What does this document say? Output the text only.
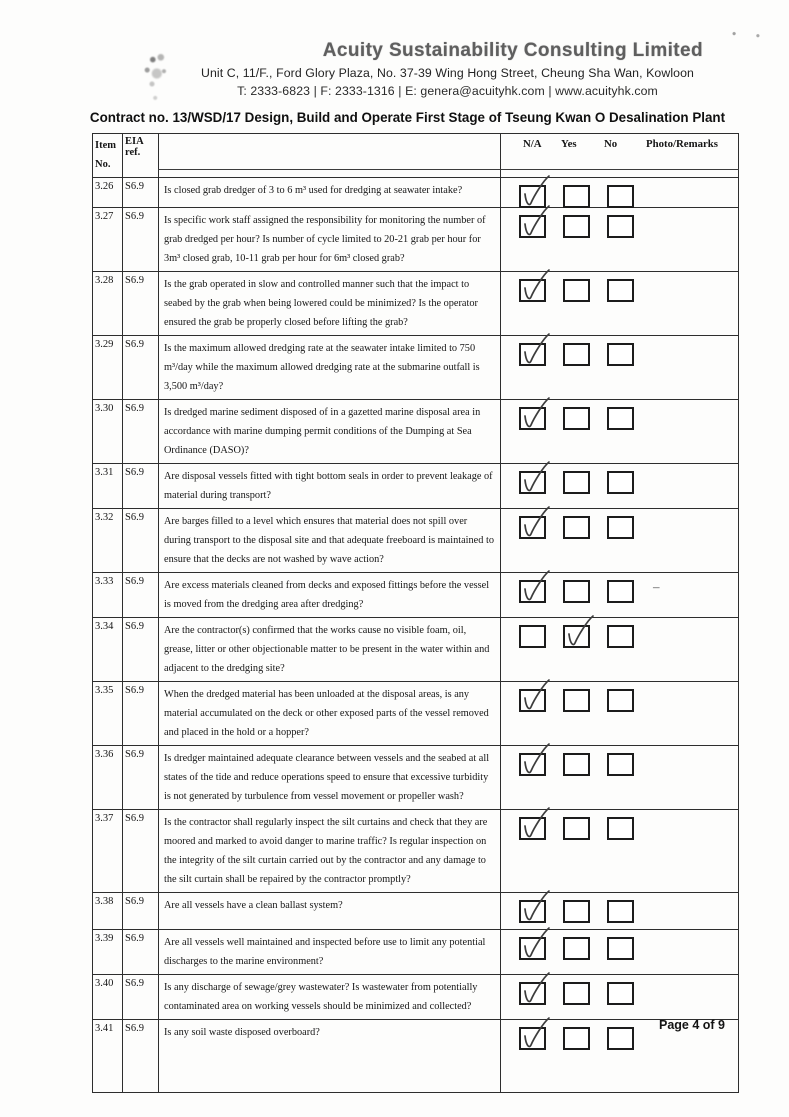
Acuity Sustainability Consulting Limited
Unit C, 11/F., Ford Glory Plaza, No. 37-39 Wing Hong Street, Cheung Sha Wan, Kowloon
T: 2333-6823 | F: 2333-1316 | E: genera@acuityhk.com | www.acuityhk.com
Contract no. 13/WSD/17 Design, Build and Operate First Stage of Tseung Kwan O Desalination Plant
Item No.	EIA ref.		N/A Yes No Photo/Remarks

3.26	S6.9	Is closed grab dredger of 3 to 6 m³ used for dredging at seawater intake?	

3.27	S6.9	Is specific work staff assigned the responsibility for monitoring the number of grab dredged per hour? Is number of cycle limited to 20-21 grab per hour for 3m³ closed grab, 10-11 grab per hour for 6m³ closed grab?	

3.28	S6.9	Is the grab operated in slow and controlled manner such that the impact to seabed by the grab when being lowered could be minimized? Is the operator ensured the grab be properly closed before lifting the grab?	

3.29	S6.9	Is the maximum allowed dredging rate at the seawater intake limited to 750 m³/day while the maximum allowed dredging rate at the submarine outfall is 3,500 m³/day?	

3.30	S6.9	Is dredged marine sediment disposed of in a gazetted marine disposal area in accordance with marine dumping permit conditions of the Dumping at Sea Ordinance (DASO)?	

3.31	S6.9	Are disposal vessels fitted with tight bottom seals in order to prevent leakage of material during transport?	

3.32	S6.9	Are barges filled to a level which ensures that material does not spill over during transport to the disposal site and that adequate freeboard is maintained to ensure that the decks are not washed by wave action?	

3.33	S6.9	Are excess materials cleaned from decks and exposed fittings before the vessel is moved from the dredging area after dredging?	–

3.34	S6.9	Are the contractor(s) confirmed that the works cause no visible foam, oil, grease, litter or other objectionable matter to be present in the water within and adjacent to the dredging site?	

3.35	S6.9	When the dredged material has been unloaded at the disposal areas, is any material accumulated on the deck or other exposed parts of the vessel removed and placed in the hold or a hopper?	

3.36	S6.9	Is dredger maintained adequate clearance between vessels and the seabed at all states of the tide and reduce operations speed to ensure that excessive turbidity is not generated by turbulence from vessel movement or propeller wash?	

3.37	S6.9	Is the contractor shall regularly inspect the silt curtains and check that they are moored and marked to avoid danger to marine traffic? Is regular inspection on the integrity of the silt curtain carried out by the contractor and any damage to the silt curtain shall be repaired by the contractor promptly?	

3.38	S6.9	Are all vessels have a clean ballast system?	

3.39	S6.9	Are all vessels well maintained and inspected before use to limit any potential discharges to the marine environment?	

3.40	S6.9	Is any discharge of sewage/grey wastewater? Is wastewater from potentially contaminated area on working vessels should be minimized and collected?	

3.41	S6.9	Is any soil waste disposed overboard?	
Page 4 of 9
